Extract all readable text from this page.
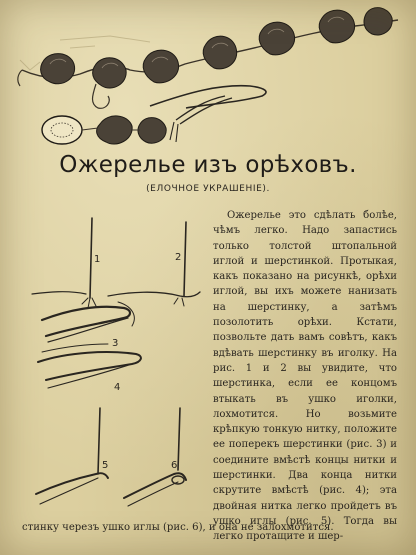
Ожерелье изъ орѣховъ.
(ЕЛОЧНОЕ УКРАШЕНІЕ).
1	2
3
4
5	6

Ожерелье это сдѣлать болѣе, чѣмъ легко. Надо запастись только толстой штопальной иглой и шерстинкой. Протыкая, какъ показано на рисункѣ, орѣхи иглой, вы ихъ можете нанизать на шерстинку, а затѣмъ позолотить орѣхи. Кстати, позвольте дать вамъ совѣтъ, какъ вдѣвать шерстинку въ иголку. На рис. 1 и 2 вы увидите, что шерстинка, если ее концомъ втыкать въ ушко иголки, лохмотится. Но возьмите крѣпкую тонкую нитку, положите ее поперекъ шерстинки (рис. 3) и соедините вмѣстѣ концы нитки и шерстинки. Два конца нитки скрутите вмѣстѣ (рис. 4); эта двойная нитка легко пройдетъ въ ушко иглы (рис. 5). Тогда вы легко протащите и шер-

стинку черезъ ушко иглы (рис. 6), и она не залохмотится.
